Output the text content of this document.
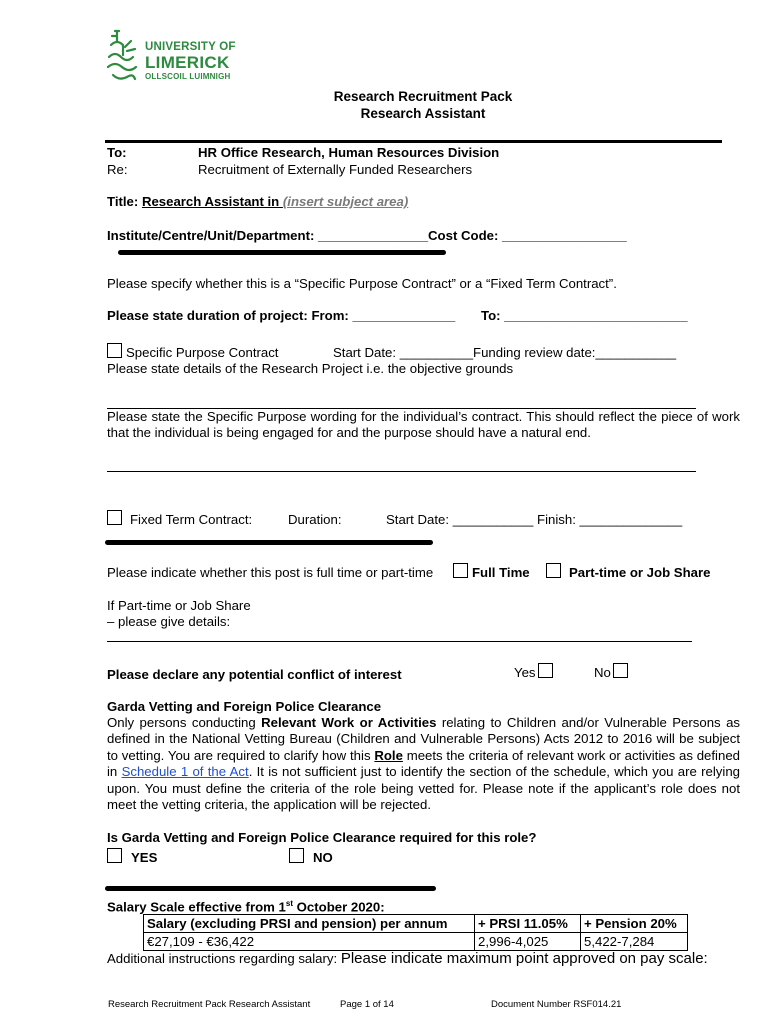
UNIVERSITY OF
LIMERICK
OLLSCOIL LUIMNIGH
Research Recruitment Pack
Research Assistant
To:	HR Office Research, Human Resources Division
Re:	Recruitment of Externally Funded Researchers
Title: Research Assistant in (insert subject area)
Institute/Centre/Unit/Department: _______________Cost Code: _________________
Please specify whether this is a “Specific Purpose Contract” or a “Fixed Term Contract”.
Please state duration of project: From: ______________ To: _________________________
Specific Purpose Contract	Start Date: __________Funding review date:___________
Please state details of the Research Project i.e. the objective grounds
Please state the Specific Purpose wording for the individual’s contract. This should reflect the piece of work that the individual is being engaged for and the purpose should have a natural end.
Fixed Term Contract:	Duration:	Start Date: ___________ Finish: ______________
Please indicate whether this post is full time or part-time	Full Time	Part-time or Job Share
If Part-time or Job Share
– please give details:
Please declare any potential conflict of interest	Yes	No
Garda Vetting and Foreign Police Clearance
Only persons conducting Relevant Work or Activities relating to Children and/or Vulnerable Persons as defined in the National Vetting Bureau (Children and Vulnerable Persons) Acts 2012 to 2016 will be subject to vetting. You are required to clarify how this Role meets the criteria of relevant work or activities as defined in Schedule 1 of the Act. It is not sufficient just to identify the section of the schedule, which you are relying upon. You must define the criteria of the role being vetted for. Please note if the applicant’s role does not meet the vetting criteria, the application will be rejected.
Is Garda Vetting and Foreign Police Clearance required for this role?
YES	NO
Salary Scale effective from 1st October 2020:
Salary (excluding PRSI and pension) per annum	+ PRSI 11.05%	+ Pension 20%
€27,109 - €36,422	2,996-4,025	5,422-7,284
Additional instructions regarding salary: Please indicate maximum point approved on pay scale:
Research Recruitment Pack Research Assistant	Page 1 of 14	Document Number RSF014.21
